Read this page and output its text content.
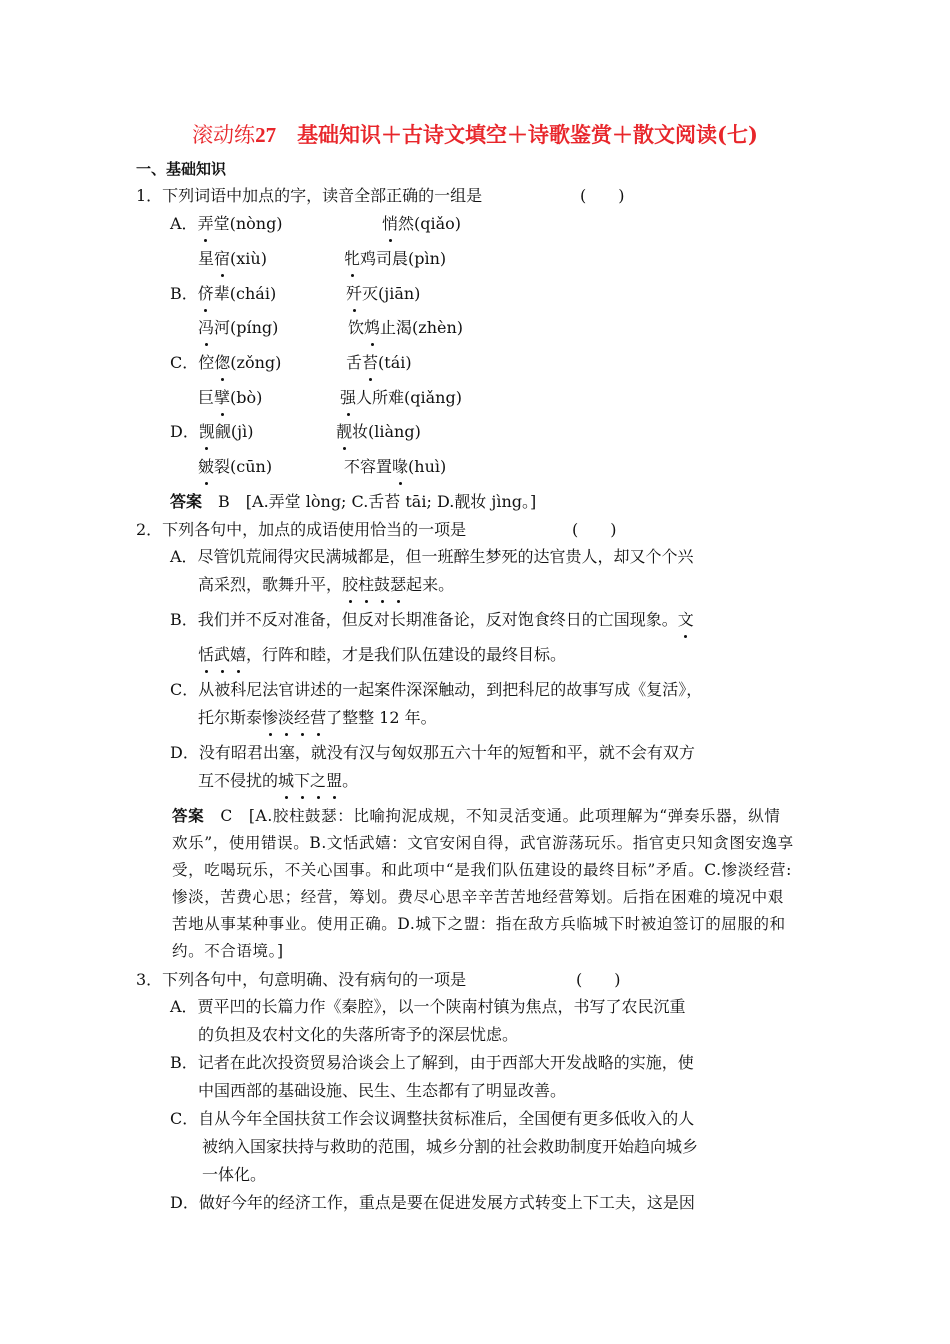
滚动练27　 基础知识＋古诗文填空＋诗歌鉴赏＋散文阅读(七)
一、基础知识
1．下列词语中加点的字，读音全部正确的一组是	(　　)
A．弄堂(nòng)	悄然(qiǎo)
星宿(xiù)	牝鸡司晨(pìn)
B．侪辈(chái)	歼灭(jiān)
冯河(píng)	饮鸩止渴(zhèn)
C．倥偬(zǒng)	舌苔(tái)
巨擘(bò)	强人所难(qiǎng)
D．觊觎(jì)	靓妆(liàng)
皴裂(cūn)	不容置喙(huì)
答案　 B　[A.弄堂 lòng; C.舌苔 tāi; D.靓妆 jìng。]
2．下列各句中，加点的成语使用恰当的一项是	(　　)
A．尽管饥荒闹得灾民满城都是，但一班醉生梦死的达官贵人，却又个个兴
高采烈，歌舞升平，胶柱鼓瑟起来。
B．我们并不反对准备，但反对长期准备论，反对饱食终日的亡国现象。文
恬武嬉，行阵和睦，才是我们队伍建设的最终目标。
C．从被科尼法官讲述的一起案件深深触动，到把科尼的故事写成《复活》，
托尔斯泰惨淡经营了整整 12 年。
D．没有昭君出塞，就没有汉与匈奴那五六十年的短暂和平，就不会有双方
互不侵扰的城下之盟。
答案　 C　[A.胶柱鼓瑟：比喻拘泥成规，不知灵活变通。此项理解为“弹奏乐器，纵情
欢乐”，使用错误。B.文恬武嬉：文官安闲自得，武官游荡玩乐。指官吏只知贪图安逸享
受，吃喝玩乐，不关心国事。和此项中“是我们队伍建设的最终目标”矛盾。C.惨淡经营:
惨淡，苦费心思；经营，筹划。费尽心思辛辛苦苦地经营筹划。后指在困难的境况中艰
苦地从事某种事业。使用正确。D.城下之盟：指在敌方兵临城下时被迫签订的屈服的和
约。不合语境。]
3．下列各句中，句意明确、没有病句的一项是	(　　)
A．贾平凹的长篇力作《秦腔》，以一个陕南村镇为焦点，书写了农民沉重
的负担及农村文化的失落所寄予的深层忧虑。
B．记者在此次投资贸易洽谈会上了解到，由于西部大开发战略的实施，使
中国西部的基础设施、民生、生态都有了明显改善。
C．自从今年全国扶贫工作会议调整扶贫标准后，全国便有更多低收入的人
被纳入国家扶持与救助的范围，城乡分割的社会救助制度开始趋向城乡
一体化。
D．做好今年的经济工作，重点是要在促进发展方式转变上下工夫，这是因
